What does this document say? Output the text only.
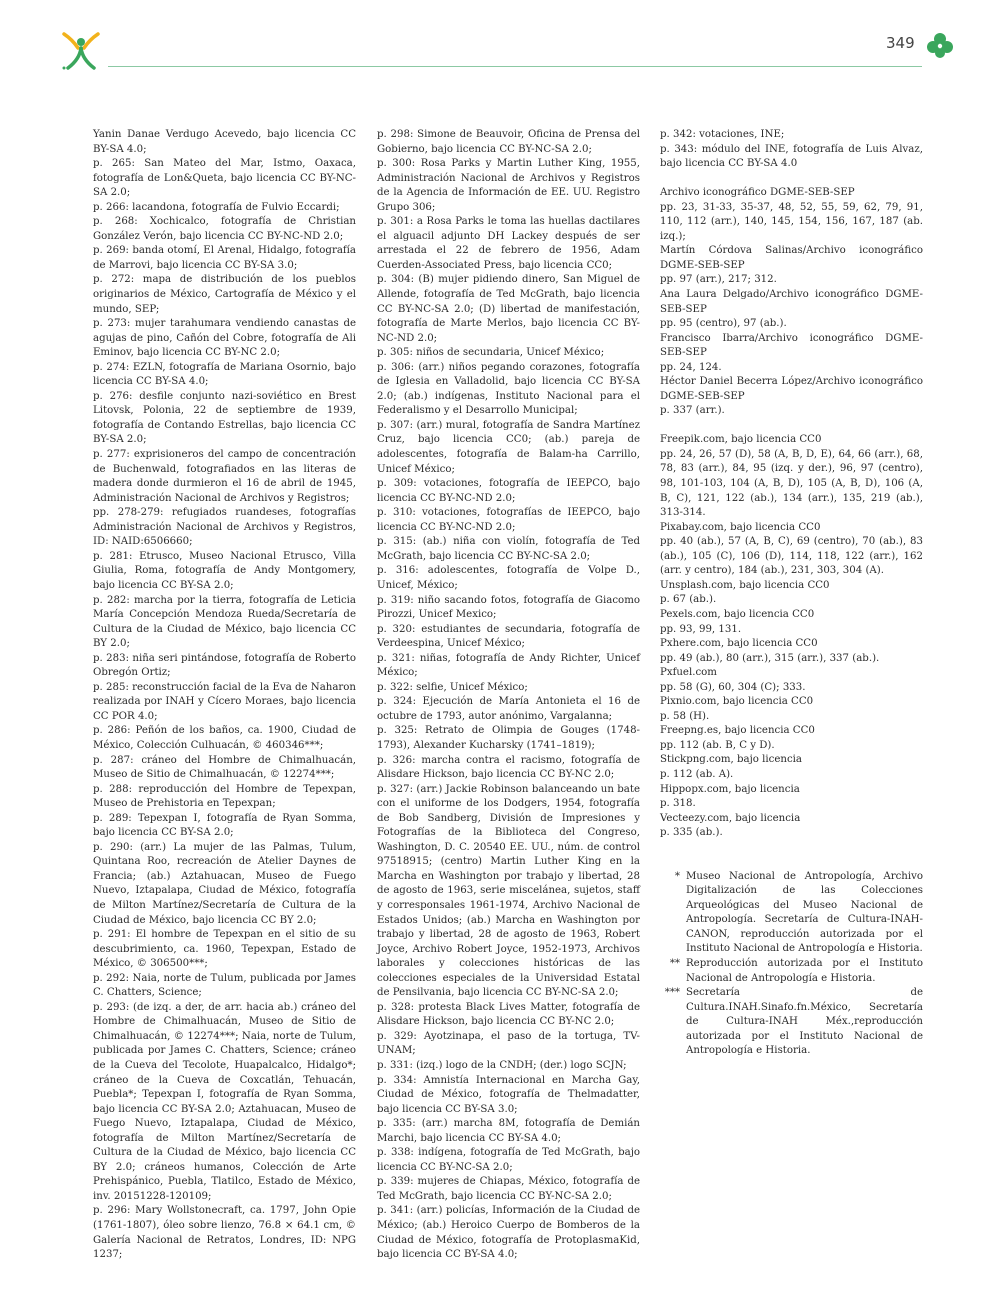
349

Yanin Danae Verdugo Acevedo, bajo licencia CC BY-SA 4.0;

p. 265: San Mateo del Mar, Istmo, Oaxaca, fotografía de Lon&Queta, bajo licencia CC BY-NC-SA 2.0;

p. 266: lacandona, fotografía de Fulvio Eccardi;

p. 268: Xochicalco, fotografía de Christian González Verón, bajo licencia CC BY-NC-ND 2.0;

p. 269: banda otomí, El Arenal, Hidalgo, fotografía de Marrovi, bajo licencia CC BY-SA 3.0;

p. 272: mapa de distribución de los pueblos originarios de México, Cartografía de México y el mundo, SEP;

p. 273: mujer tarahumara vendiendo canastas de agujas de pino, Cañón del Cobre, fotografía de Ali Eminov, bajo licencia CC BY-NC 2.0;

p. 274: EZLN, fotografía de Mariana Osornio, bajo licencia CC BY-SA 4.0;

p. 276: desfile conjunto nazi-soviético en Brest Litovsk, Polonia, 22 de septiembre de 1939, fotografía de Contando Estrellas, bajo licencia CC BY-SA 2.0;

p. 277: exprisioneros del campo de concentración de Buchenwald, fotografiados en las literas de madera donde durmieron el 16 de abril de 1945, Administración Nacional de Archivos y Registros;

pp. 278-279: refugiados ruandeses, fotografías Administración Nacional de Archivos y Registros, ID: NAID:6506660;

p. 281: Etrusco, Museo Nacional Etrusco, Villa Giulia, Roma, fotografía de Andy Montgomery, bajo licencia CC BY-SA 2.0;

p. 282: marcha por la tierra, fotografía de Leticia María Concepción Mendoza Rueda/Secretaría de Cultura de la Ciudad de México, bajo licencia CC BY 2.0;

p. 283: niña seri pintándose, fotografía de Roberto Obregón Ortiz;

p. 285: reconstrucción facial de la Eva de Naharon realizada por INAH y Cícero Moraes, bajo licencia CC POR 4.0;

p. 286: Peñón de los baños, ca. 1900, Ciudad de México, Colección Culhuacán, © 460346***;

p. 287: cráneo del Hombre de Chimalhuacán, Museo de Sitio de Chimalhuacán, © 12274***;

p. 288: reproducción del Hombre de Tepexpan, Museo de Prehistoria en Tepexpan;

p. 289: Tepexpan I, fotografía de Ryan Somma, bajo licencia CC BY-SA 2.0;

p. 290: (arr.) La mujer de las Palmas, Tulum, Quintana Roo, recreación de Atelier Daynes de Francia; (ab.) Aztahuacan, Museo de Fuego Nuevo, Iztapalapa, Ciudad de México, fotografía de Milton Martínez/Secretaría de Cultura de la Ciudad de México, bajo licencia CC BY 2.0;

p. 291: El hombre de Tepexpan en el sitio de su descubrimiento, ca. 1960, Tepexpan, Estado de México, © 306500***;

p. 292: Naia, norte de Tulum, publicada por James C. Chatters, Science;

p. 293: (de izq. a der, de arr. hacia ab.) cráneo del Hombre de Chimalhuacán, Museo de Sitio de Chimalhuacán, © 12274***; Naia, norte de Tulum, publicada por James C. Chatters, Science; cráneo de la Cueva del Tecolote, Huapalcalco, Hidalgo*; cráneo de la Cueva de Coxcatlán, Tehuacán, Puebla*; Tepexpan I, fotografía de Ryan Somma, bajo licencia CC BY-SA 2.0; Aztahuacan, Museo de Fuego Nuevo, Iztapalapa, Ciudad de México, fotografía de Milton Martínez/Secretaría de Cultura de la Ciudad de México, bajo licencia CC BY 2.0; cráneos humanos, Colección de Arte Prehispánico, Puebla, Tlatilco, Estado de México, inv. 20151228-120109;

p. 296: Mary Wollstonecraft, ca. 1797, John Opie (1761-1807), óleo sobre lienzo, 76.8 × 64.1 cm, © Galería Nacional de Retratos, Londres, ID: NPG 1237;

p. 298: Simone de Beauvoir, Oficina de Prensa del Gobierno, bajo licencia CC BY-NC-SA 2.0;

p. 300: Rosa Parks y Martin Luther King, 1955, Administración Nacional de Archivos y Registros de la Agencia de Información de EE. UU. Registro Grupo 306;

p. 301: a Rosa Parks le toma las huellas dactilares el alguacil adjunto DH Lackey después de ser arrestada el 22 de febrero de 1956, Adam Cuerden-Associated Press, bajo licencia CC0;

p. 304: (B) mujer pidiendo dinero, San Miguel de Allende, fotografía de Ted McGrath, bajo licencia CC BY-NC-SA 2.0; (D) libertad de manifestación, fotografía de Marte Merlos, bajo licencia CC BY-NC-ND 2.0;

p. 305: niños de secundaria, Unicef México;

p. 306: (arr.) niños pegando corazones, fotografía de Iglesia en Valladolid, bajo licencia CC BY-SA 2.0; (ab.) indígenas, Instituto Nacional para el Federalismo y el Desarrollo Municipal;

p. 307: (arr.) mural, fotografía de Sandra Martínez Cruz, bajo licencia CC0; (ab.) pareja de adolescentes, fotografía de Balam-ha Carrillo, Unicef México;

p. 309: votaciones, fotografía de IEEPCO, bajo licencia CC BY-NC-ND 2.0;

p. 310: votaciones, fotografías de IEEPCO, bajo licencia CC BY-NC-ND 2.0;

p. 315: (ab.) niña con violín, fotografía de Ted McGrath, bajo licencia CC BY-NC-SA 2.0;

p. 316: adolescentes, fotografía de Volpe D., Unicef, México;

p. 319: niño sacando fotos, fotografía de Giacomo Pirozzi, Unicef Mexico;

p. 320: estudiantes de secundaria, fotografía de Verdeespina, Unicef México;

p. 321: niñas, fotografía de Andy Richter, Unicef México;

p. 322: selfie, Unicef México;

p. 324: Ejecución de María Antonieta el 16 de octubre de 1793, autor anónimo, Vargalanna;

p. 325: Retrato de Olimpia de Gouges (1748-1793), Alexander Kucharsky (1741–1819);

p. 326: marcha contra el racismo, fotografía de Alisdare Hickson, bajo licencia CC BY-NC 2.0;

p. 327: (arr.) Jackie Robinson balanceando un bate con el uniforme de los Dodgers, 1954, fotografía de Bob Sandberg, División de Impresiones y Fotografías de la Biblioteca del Congreso, Washington, D. C. 20540 EE. UU., núm. de control 97518915; (centro) Martin Luther King en la Marcha en Washington por trabajo y libertad, 28 de agosto de 1963, serie misceláneа, sujetos, staff y corresponsales 1961-1974, Archivo Nacional de Estados Unidos; (ab.) Marcha en Washington por trabajo y libertad, 28 de agosto de 1963, Robert Joyce, Archivo Robert Joyce, 1952-1973, Archivos laborales y colecciones históricas de las colecciones especiales de la Universidad Estatal de Pensilvania, bajo licencia CC BY-NC-SA 2.0;

p. 328: protesta Black Lives Matter, fotografía de Alisdare Hickson, bajo licencia CC BY-NC 2.0;

p. 329: Ayotzinapa, el paso de la tortuga, TV-UNAM;

p. 331: (izq.) logo de la CNDH; (der.) logo SCJN;

p. 334: Amnistía Internacional en Marcha Gay, Ciudad de México, fotografía de Thelmadatter, bajo licencia CC BY-SA 3.0;

p. 335: (arr.) marcha 8M, fotografía de Demián Marchi, bajo licencia CC BY-SA 4.0;

p. 338: indígena, fotografía de Ted McGrath, bajo licencia CC BY-NC-SA 2.0;

p. 339: mujeres de Chiapas, México, fotografía de Ted McGrath, bajo licencia CC BY-NC-SA 2.0;

p. 341: (arr.) policías, Información de la Ciudad de México; (ab.) Heroico Cuerpo de Bomberos de la Ciudad de México, fotografía de ProtoplasmaKid, bajo licencia CC BY-SA 4.0;

p. 342: votaciones, INE;

p. 343: módulo del INE, fotografía de Luis Alvaz, bajo licencia CC BY-SA 4.0

Archivo iconográfico DGME-SEB-SEP

pp. 23, 31-33, 35-37, 48, 52, 55, 59, 62, 79, 91, 110, 112 (arr.), 140, 145, 154, 156, 167, 187 (ab. izq.);

Martín Córdova Salinas/Archivo iconográfico DGME-SEB-SEP

pp. 97 (arr.), 217; 312.

Ana Laura Delgado/Archivo iconográfico DGME-SEB-SEP

pp. 95 (centro), 97 (ab.).

Francisco Ibarra/Archivo iconográfico DGME-SEB-SEP

pp. 24, 124.

Héctor Daniel Becerra López/Archivo iconográfico DGME-SEB-SEP

p. 337 (arr.).

Freepik.com, bajo licencia CC0

pp. 24, 26, 57 (D), 58 (A, B, D, E), 64, 66 (arr.), 68, 78, 83 (arr.), 84, 95 (izq. y der.), 96, 97 (centro), 98, 101-103, 104 (A, B, D), 105 (A, B, D), 106 (A, B, C), 121, 122 (ab.), 134 (arr.), 135, 219 (ab.), 313-314.

Pixabay.com, bajo licencia CC0

pp. 40 (ab.), 57 (A, B, C), 69 (centro), 70 (ab.), 83 (ab.), 105 (C), 106 (D), 114, 118, 122 (arr.), 162 (arr. y centro), 184 (ab.), 231, 303, 304 (A).

Unsplash.com, bajo licencia CC0

p. 67 (ab.).

Pexels.com, bajo licencia CC0

pp. 93, 99, 131.

Pxhere.com, bajo licencia CC0

pp. 49 (ab.), 80 (arr.), 315 (arr.), 337 (ab.).

Pxfuel.com

pp. 58 (G), 60, 304 (C); 333.

Pixnio.com, bajo licencia CC0

p. 58 (H).

Freepng.es, bajo licencia CC0

pp. 112 (ab. B, C y D).

Stickpng.com, bajo licencia

p. 112 (ab. A).

Hippopx.com, bajo licencia

p. 318.

Vecteezy.com, bajo licencia

p. 335 (ab.).

* Museo Nacional de Antropología, Archivo Digitalización de las Colecciones Arqueológicas del Museo Nacional de Antropología. Secretaría de Cultura-INAH-CANON, reproducción autorizada por el Instituto Nacional de Antropología e Historia.
** Reproducción autorizada por el Instituto Nacional de Antropología e Historia.
*** Secretaría de Cultura.INAH.Sinafo.fn.México, Secretaría de Cultura-INAH Méx.,reproducción autorizada por el Instituto Nacional de Antropología e Historia.
